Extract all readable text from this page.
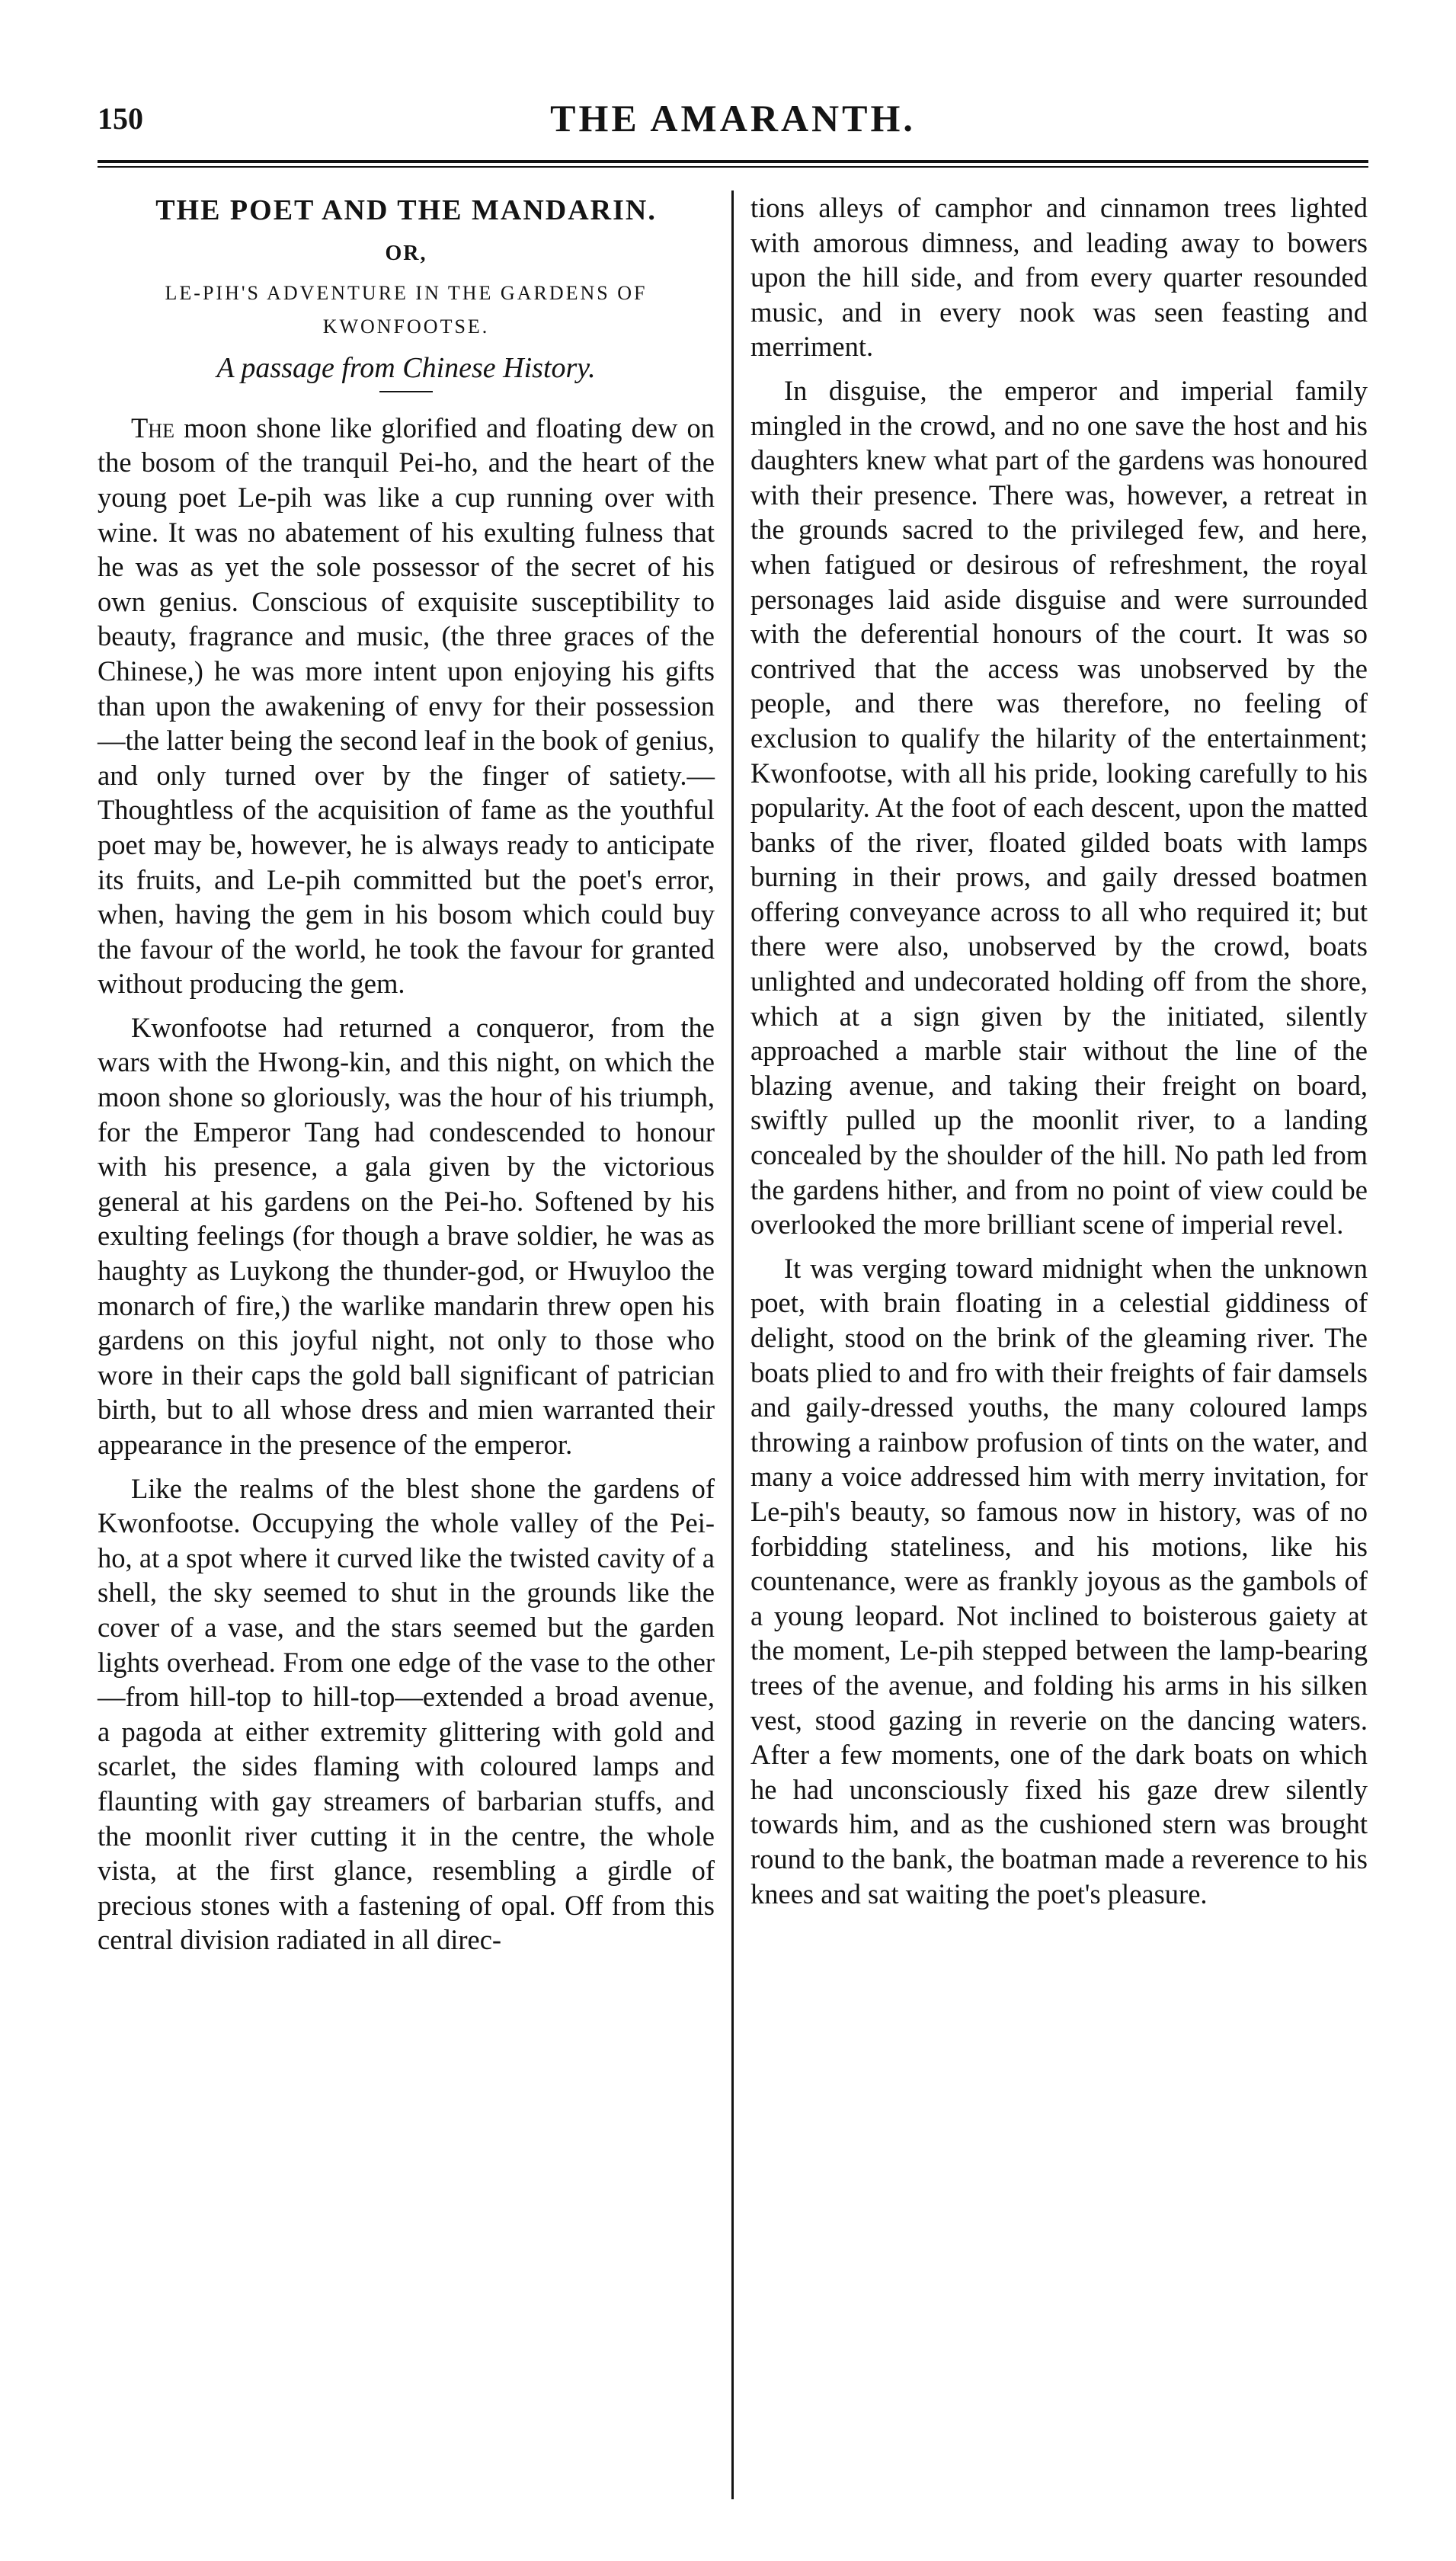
150	THE AMARANTH.
THE POET AND THE MANDARIN.
OR,
LE-PIH'S ADVENTURE IN THE GARDENS OF KWONFOOTSE.
A passage from Chinese History.

The moon shone like glorified and floating dew on the bosom of the tranquil Pei-ho, and the heart of the young poet Le-pih was like a cup running over with wine. It was no abatement of his exulting fulness that he was as yet the sole possessor of the secret of his own genius. Conscious of exquisite susceptibility to beauty, fragrance and music, (the three graces of the Chinese,) he was more intent upon enjoying his gifts than upon the awakening of envy for their possession—the latter being the second leaf in the book of genius, and only turned over by the finger of satiety.—Thoughtless of the acquisition of fame as the youthful poet may be, however, he is always ready to anticipate its fruits, and Le-pih committed but the poet's error, when, having the gem in his bosom which could buy the favour of the world, he took the favour for granted without producing the gem.

Kwonfootse had returned a conqueror, from the wars with the Hwong-kin, and this night, on which the moon shone so gloriously, was the hour of his triumph, for the Emperor Tang had condescended to honour with his presence, a gala given by the victorious general at his gardens on the Pei-ho. Softened by his exulting feelings (for though a brave soldier, he was as haughty as Luykong the thunder-god, or Hwuyloo the monarch of fire,) the warlike mandarin threw open his gardens on this joyful night, not only to those who wore in their caps the gold ball significant of patrician birth, but to all whose dress and mien warranted their appearance in the presence of the emperor.

Like the realms of the blest shone the gardens of Kwonfootse. Occupying the whole valley of the Pei-ho, at a spot where it curved like the twisted cavity of a shell, the sky seemed to shut in the grounds like the cover of a vase, and the stars seemed but the garden lights overhead. From one edge of the vase to the other—from hill-top to hill-top—extended a broad avenue, a pagoda at either extremity glittering with gold and scarlet, the sides flaming with coloured lamps and flaunting with gay streamers of barbarian stuffs, and the moonlit river cutting it in the centre, the whole vista, at the first glance, resembling a girdle of precious stones with a fastening of opal. Off from this central division radiated in all direc-

tions alleys of camphor and cinnamon trees lighted with amorous dimness, and leading away to bowers upon the hill side, and from every quarter resounded music, and in every nook was seen feasting and merriment.

In disguise, the emperor and imperial family mingled in the crowd, and no one save the host and his daughters knew what part of the gardens was honoured with their presence. There was, however, a retreat in the grounds sacred to the privileged few, and here, when fatigued or desirous of refreshment, the royal personages laid aside disguise and were surrounded with the deferential honours of the court. It was so contrived that the access was unobserved by the people, and there was therefore, no feeling of exclusion to qualify the hilarity of the entertainment; Kwonfootse, with all his pride, looking carefully to his popularity. At the foot of each descent, upon the matted banks of the river, floated gilded boats with lamps burning in their prows, and gaily dressed boatmen offering conveyance across to all who required it; but there were also, unobserved by the crowd, boats unlighted and undecorated holding off from the shore, which at a sign given by the initiated, silently approached a marble stair without the line of the blazing avenue, and taking their freight on board, swiftly pulled up the moonlit river, to a landing concealed by the shoulder of the hill. No path led from the gardens hither, and from no point of view could be overlooked the more brilliant scene of imperial revel.

It was verging toward midnight when the unknown poet, with brain floating in a celestial giddiness of delight, stood on the brink of the gleaming river. The boats plied to and fro with their freights of fair damsels and gaily-dressed youths, the many coloured lamps throwing a rainbow profusion of tints on the water, and many a voice addressed him with merry invitation, for Le-pih's beauty, so famous now in history, was of no forbidding stateliness, and his motions, like his countenance, were as frankly joyous as the gambols of a young leopard. Not inclined to boisterous gaiety at the moment, Le-pih stepped between the lamp-bearing trees of the avenue, and folding his arms in his silken vest, stood gazing in reverie on the dancing waters. After a few moments, one of the dark boats on which he had unconsciously fixed his gaze drew silently towards him, and as the cushioned stern was brought round to the bank, the boatman made a reverence to his knees and sat waiting the poet's pleasure.
